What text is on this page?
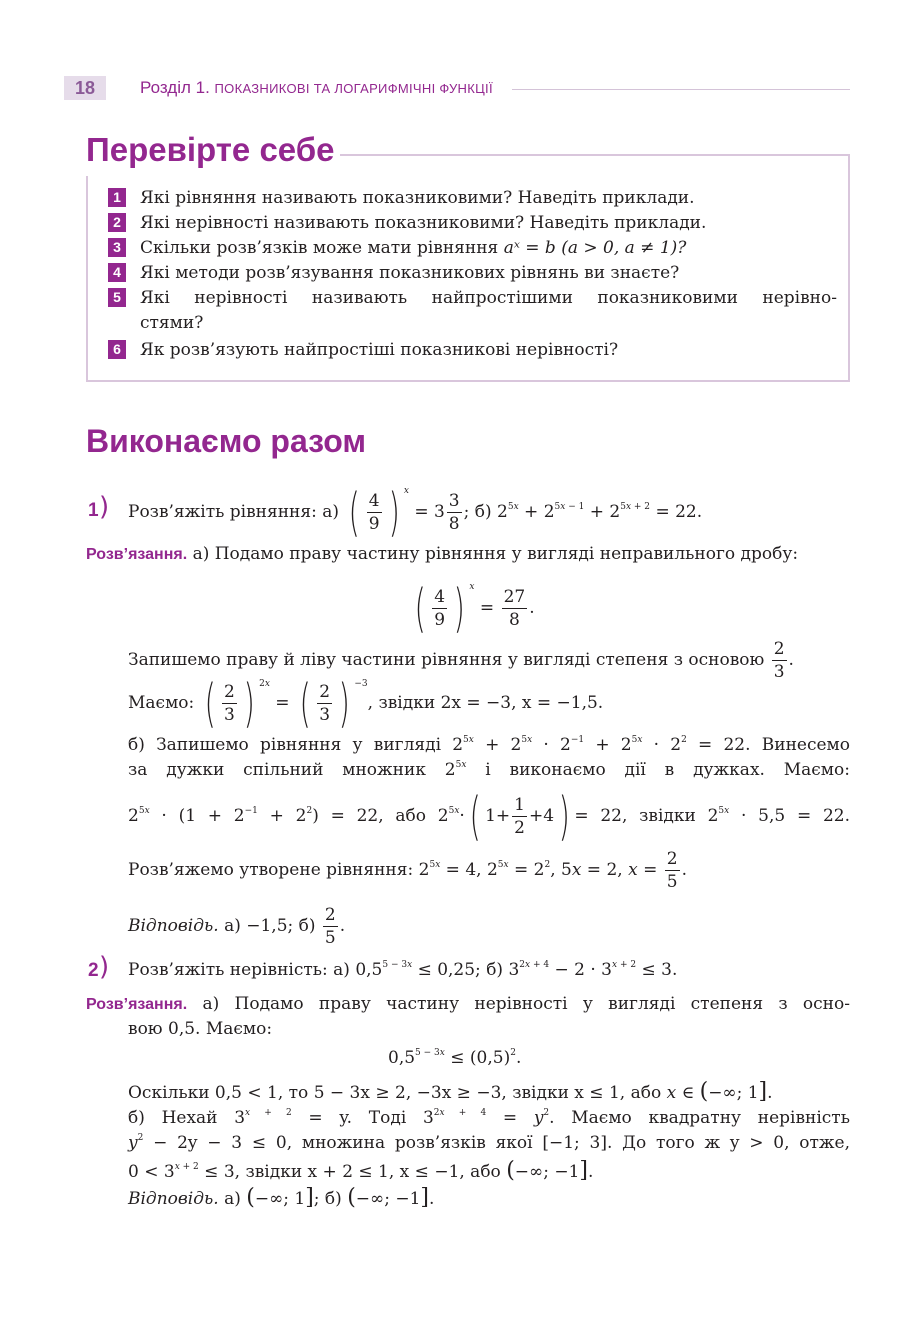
18	Розділ 1. ПОКАЗНИКОВІ ТА ЛОГАРИФМІЧНІ ФУНКЦІЇ
Перевірте себе
1	Які рівняння називають показниковими? Наведіть приклади.
2	Які нерівності називають показниковими? Наведіть приклади.
3	Скільки розв’язків може мати рівняння aˣ = b (a > 0, a ≠ 1)?
4	Які методи розв’язування показникових рівнянь ви знаєте?
5	Які нерівності називають найпростішими показниковими нерівно-
стями?
6	Як розв’язують найпростіші показникові нерівності?
Виконаємо разом
1 ) Розв’яжіть рівняння: а) ( $\frac{4}{9}$ ) $^x = 3 \frac{3}{8}$ ; б) $2^{5x} + 2^{5x - 1} + 2^{5x + 2} = 22$.
Розв’язання. а) Подамо праву частину рівняння у вигляді неправильного дробу:
( $\frac{4}{9}$ ) $^x = \frac{27}{8}$ .
Запишемо праву й ліву частини рівняння у вигляді степеня з основою $\frac{2}{3}$ .
Маємо: ( $\frac{2}{3}$ ) $^{2x}$ = ( $\frac{2}{3}$ ) $^{-3}$, звідки 2x = −3, x = −1,5.
б) Запишемо рівняння у вигляді $2^{5x} + 2^{5x} \cdot 2^{-1} + 2^{5x} \cdot 2^2 = 22$. Винесемо
за дужки спільний множник $2^{5x}$ і виконаємо дії в дужках. Маємо:
$2^{5x} \cdot (1 + 2^{-1} + 2^2) = 22$, або $2^{5x}\cdot$( $1+ \frac{1}{2} +4) = 22$, звідки $2^{5x} \cdot 5,5 = 22$.
Розв’яжемо утворене рівняння: $2^{5x} = 4$, $2^{5x} = 2^2$, 5x = 2, $x = \frac{2}{5}$ .
Відповідь. а) −1,5; $б) \frac{2}{5}$ .
2 ) Розв’яжіть нерівність: а) $0,5^{5 - 3x} \le 0,25$; б) $3^{2x + 4} - 2 \cdot 3^{x + 2} \le 3$.
Розв’язання. а) Подамо праву частину нерівності у вигляді степеня з осно-
вою 0,5. Маємо:
$0,5^{5 - 3x} \le (0,5)^2$.
Оскільки 0,5 < 1, то 5 − 3x ≥ 2, −3x ≥ −3, звідки x ≤ 1, або x ∈ (−∞; 1].
б) Нехай $3^{x + 2} = y$. Тоді $3^{2x + 4} = y^2$. Маємо квадратну нерівність
$y^2 - 2y - 3 \le 0$, множина розв’язків якої [−1; 3]. До того ж y > 0, отже,
$0 < 3^{x + 2} \le 3$, звідки x + 2 ≤ 1, x ≤ −1, або (−∞; −1].
Відповідь. а) (−∞; 1]; б) (−∞; −1].
